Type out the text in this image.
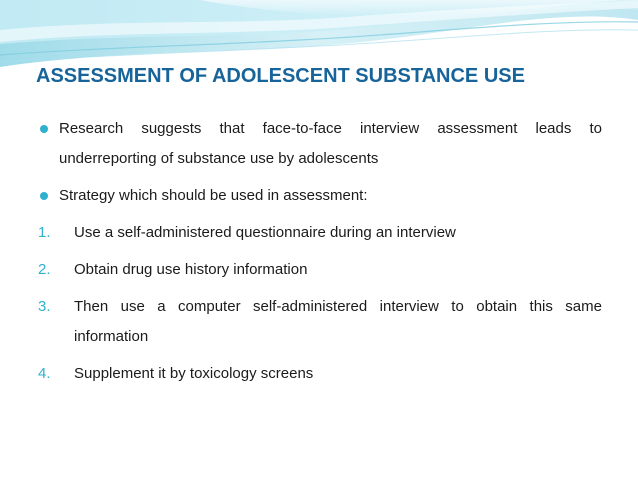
ASSESSMENT OF ADOLESCENT SUBSTANCE USE

Research suggests that face-to-face interview assessment leads to underreporting of substance use by adolescents

Strategy which should be used in assessment:

1. Use a self-administered questionnaire during an interview

2. Obtain drug use history information

3. Then use a computer self-administered interview to obtain this same information

4. Supplement it by toxicology screens
